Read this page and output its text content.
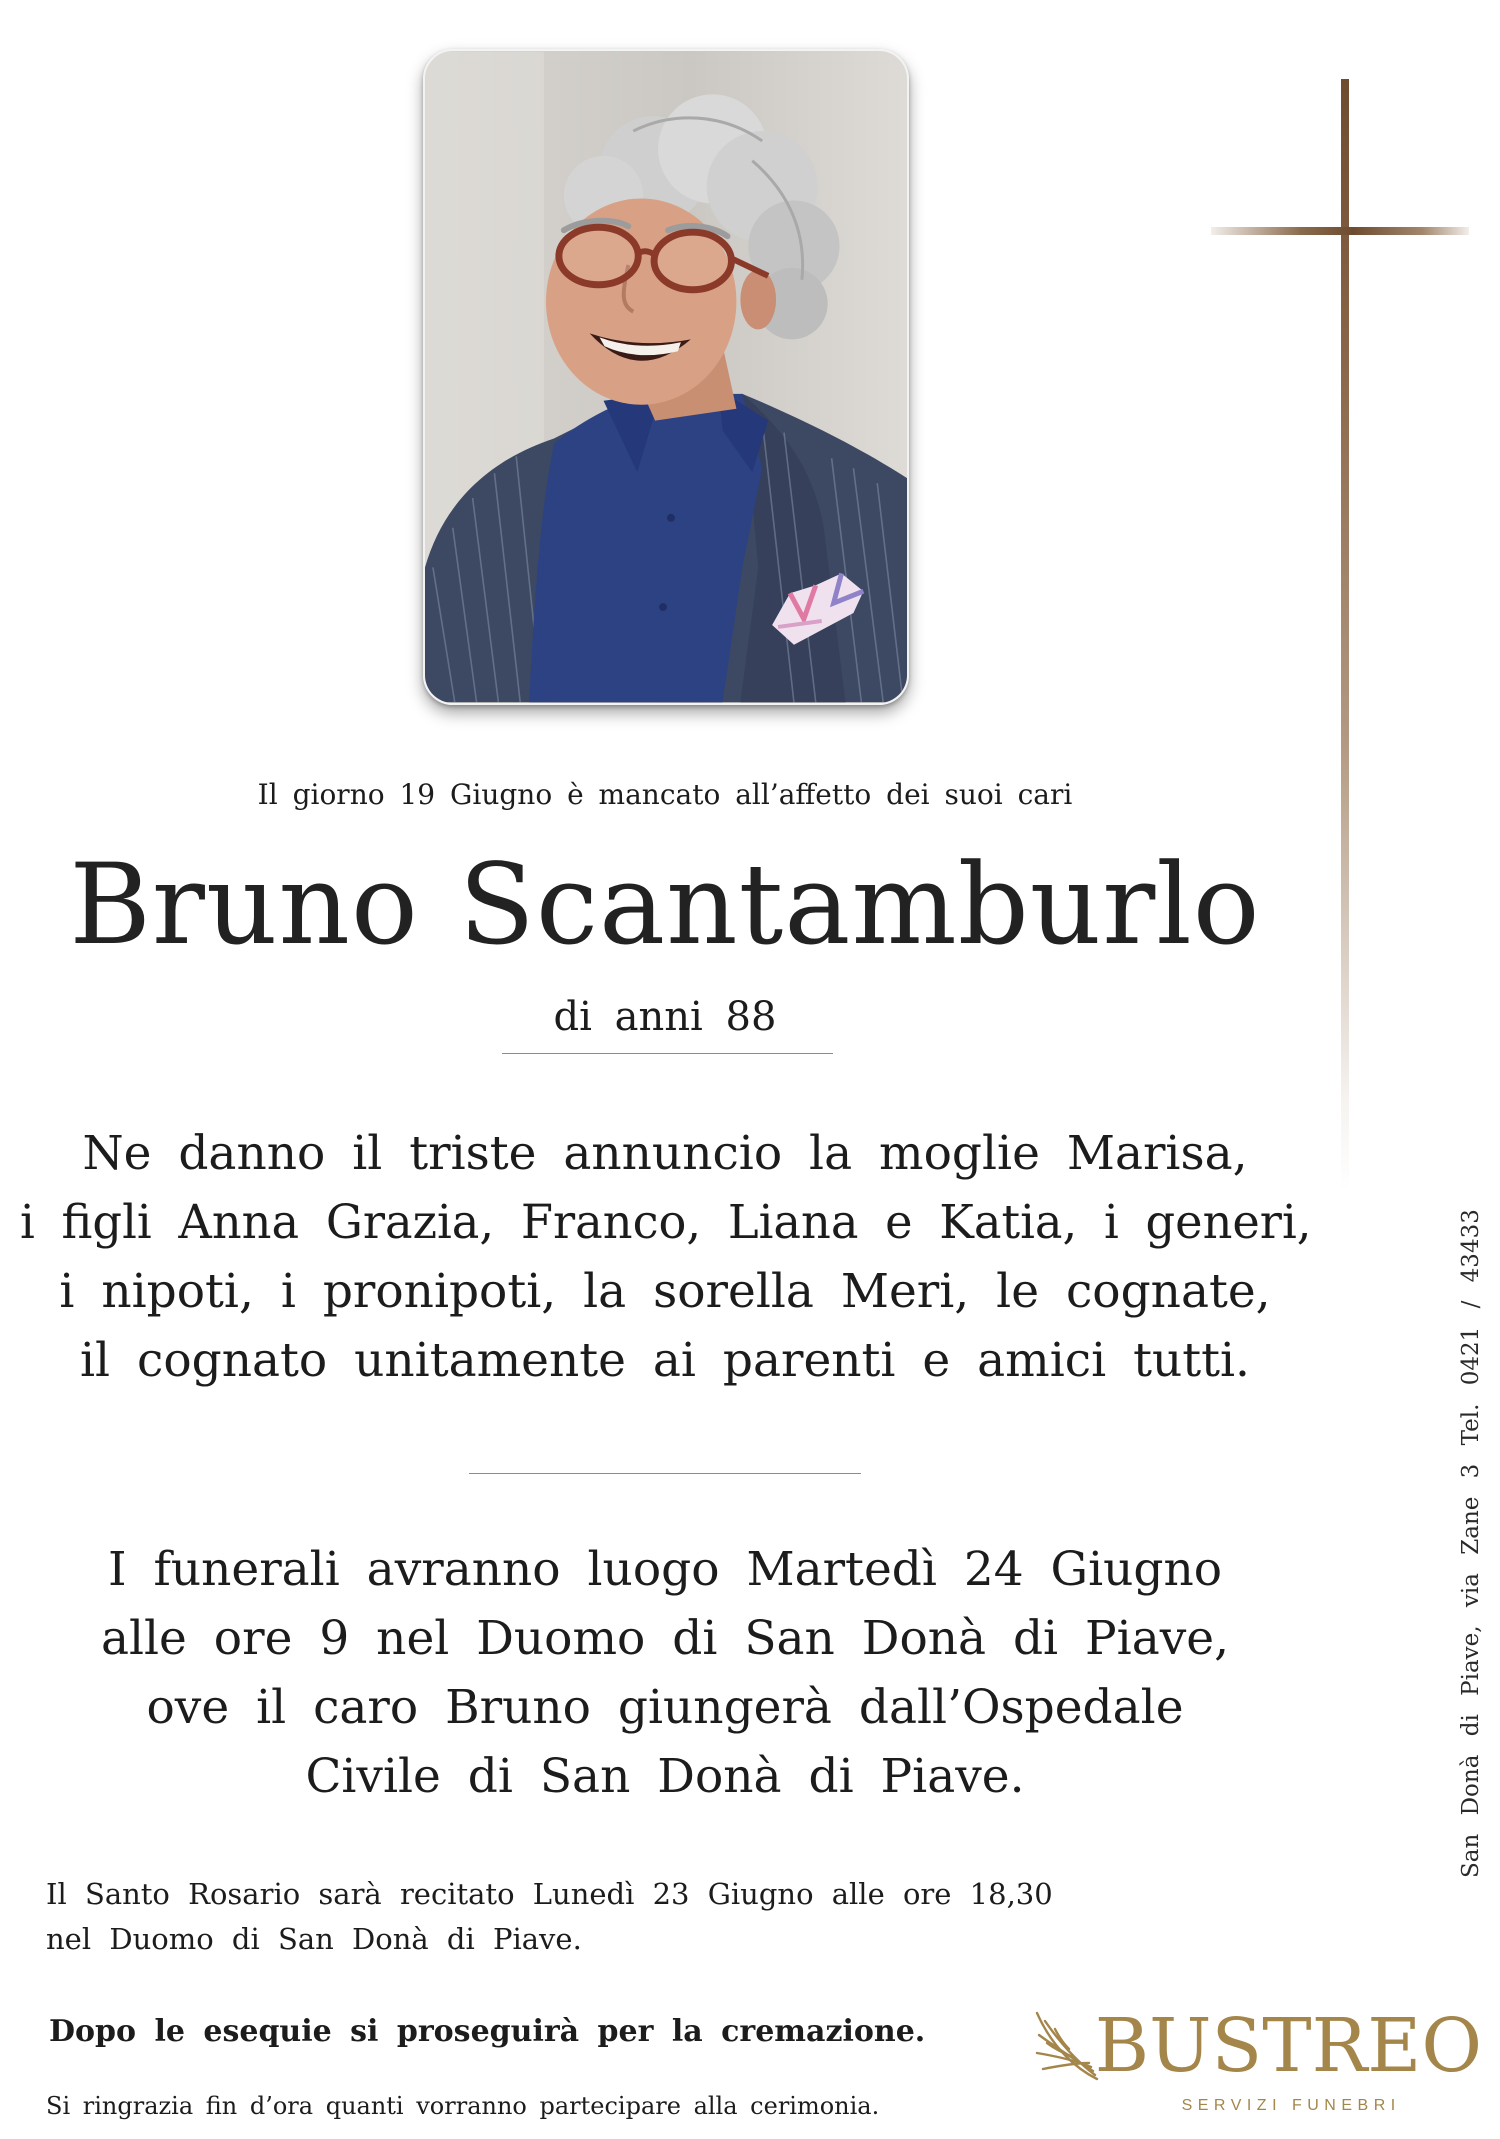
Il giorno 19 Giugno è mancato all’affetto dei suoi cari
Bruno Scantamburlo
di anni 88
Ne danno il triste annuncio la moglie Marisa,
i figli Anna Grazia, Franco, Liana e Katia, i generi,
i nipoti, i pronipoti, la sorella Meri, le cognate,
il cognato unitamente ai parenti e amici tutti.
I funerali avranno luogo Martedì 24 Giugno
alle ore 9 nel Duomo di San Donà di Piave,
ove il caro Bruno giungerà dall’Ospedale
Civile di San Donà di Piave.
Il Santo Rosario sarà recitato Lunedì 23 Giugno alle ore 18,30
nel Duomo di San Donà di Piave.
Dopo le esequie si proseguirà per la cremazione.
Si ringrazia fin d’ora quanti vorranno partecipare alla cerimonia.
San Donà di Piave, via Zane 3 Tel. 0421 / 43433
BUSTREO
SERVIZI FUNEBRI
